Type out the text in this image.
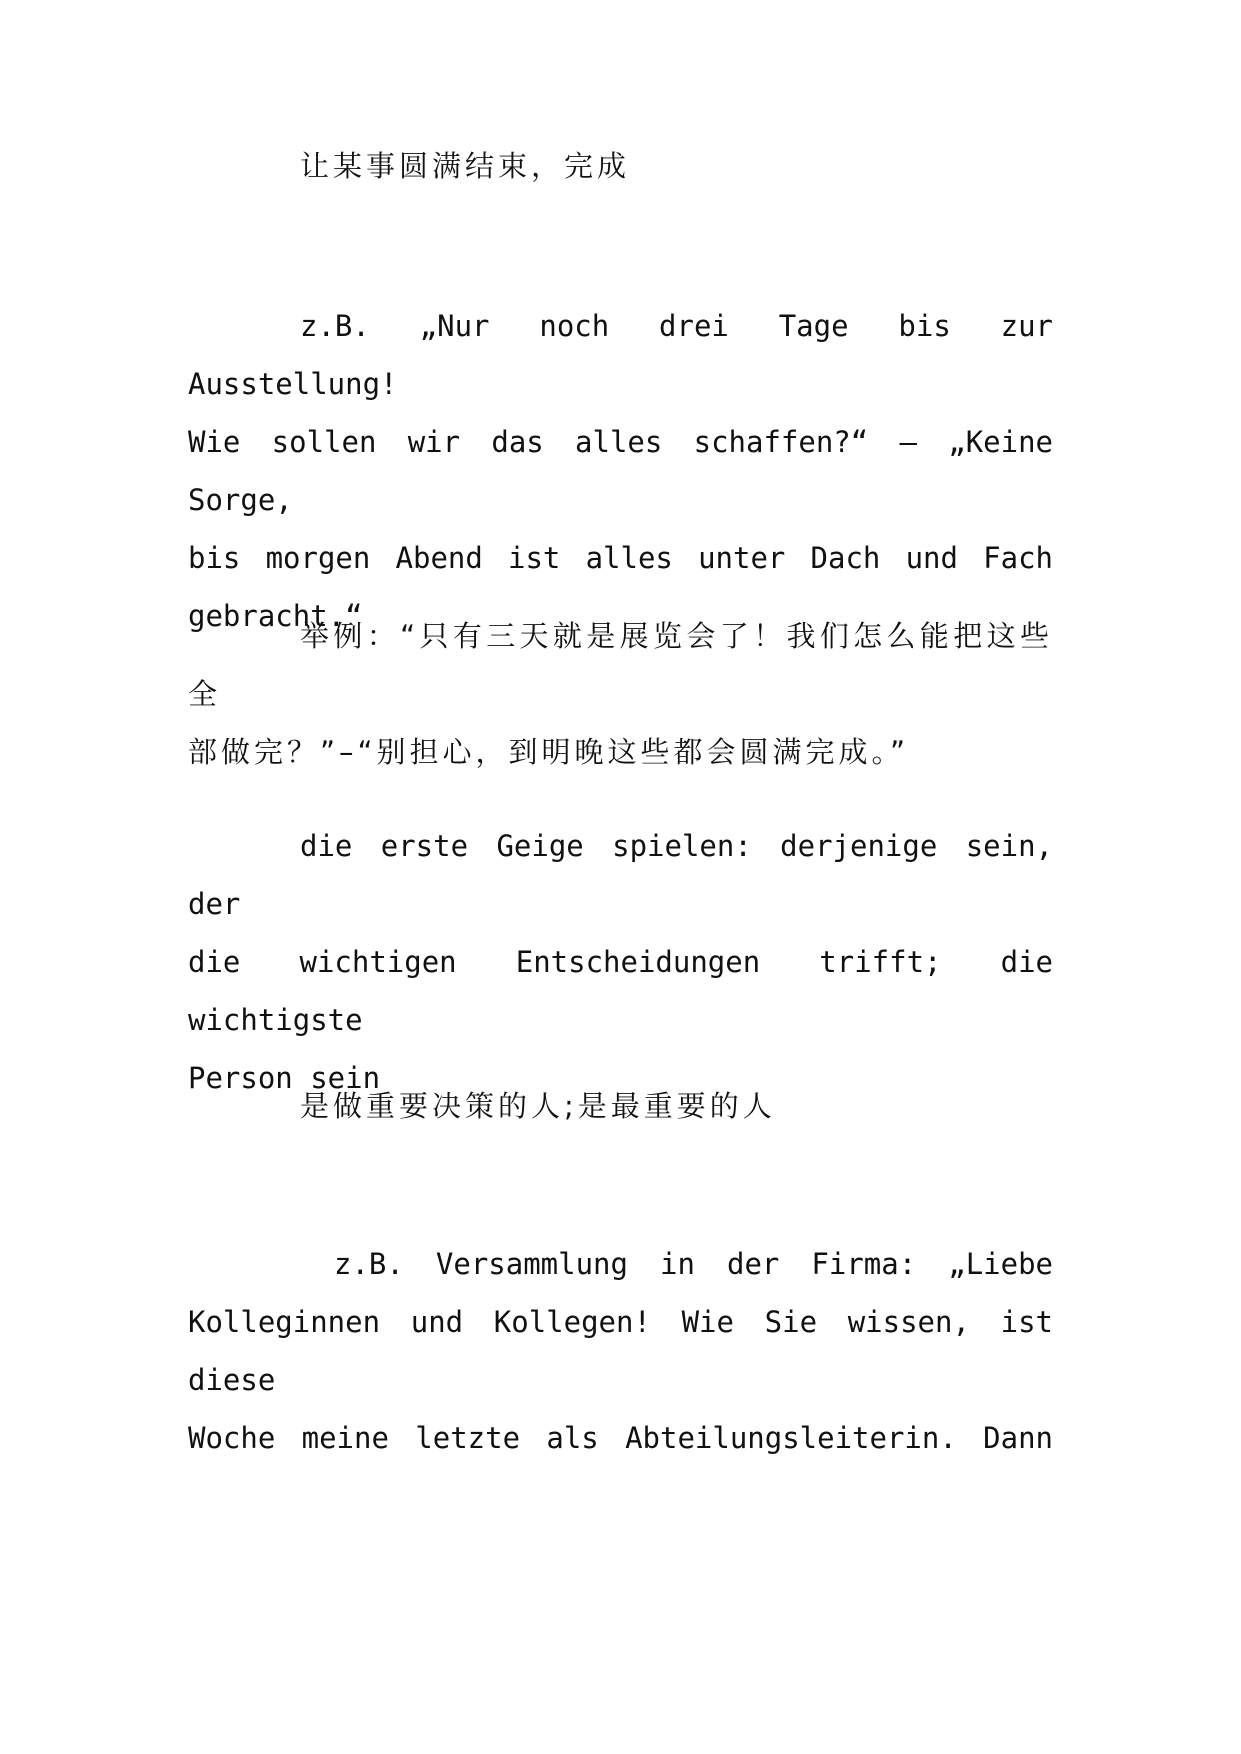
让某事圆满结束，完成

z.B. „Nur noch drei Tage bis zur Ausstellung!
Wie sollen wir das alles schaffen?“ – „Keine Sorge,
bis morgen Abend ist alles unter Dach und Fach
gebracht.“

举例：“只有三天就是展览会了！我们怎么能把这些全
部做完？”–“别担心，到明晚这些都会圆满完成。”

die erste Geige spielen: derjenige sein, der
die wichtigen Entscheidungen trifft; die wichtigste
Person sein

是做重要决策的人;是最重要的人

z.B. Versammlung in der Firma: „Liebe
Kolleginnen und Kollegen! Wie Sie wissen, ist diese
Woche meine letzte als Abteilungsleiterin. Dann
